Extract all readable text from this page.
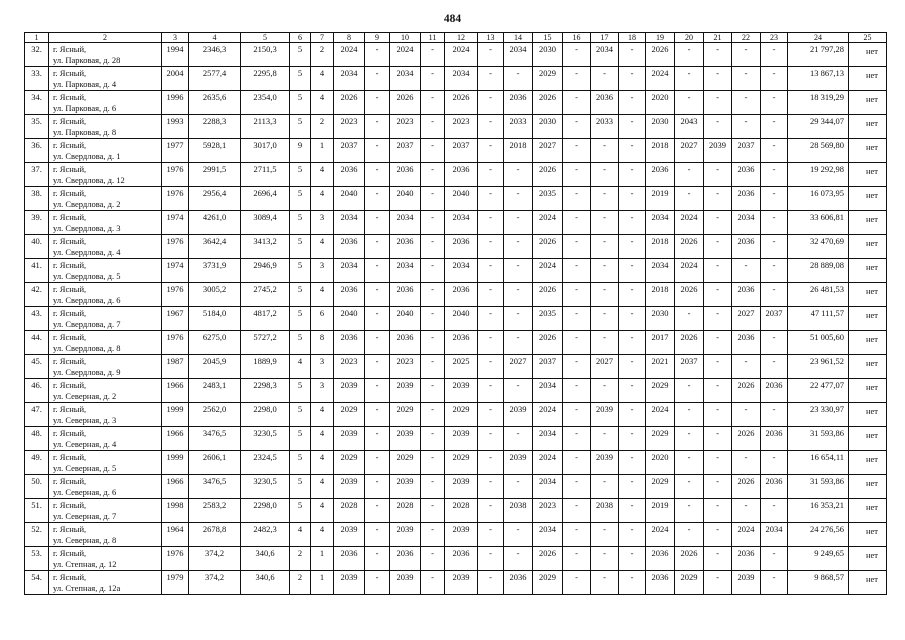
484
1	2	3	4	5	6	7	8	9	10	11	12	13	14	15	16	17	18	19	20	21	22	23	24	25
32.	г. Ясный,
ул. Парковая, д. 28	1994	2346,3	2150,3	5	2	2024	-	2024	-	2024	-	2034	2030	-	2034	-	2026	-	-	-	-	21 797,28	нет
33.	г. Ясный,
ул. Парковая, д. 4	2004	2577,4	2295,8	5	4	2034	-	2034	-	2034	-	-	2029	-	-	-	2024	-	-	-	-	13 867,13	нет
34.	г. Ясный,
ул. Парковая, д. 6	1996	2635,6	2354,0	5	4	2026	-	2026	-	2026	-	2036	2026	-	2036	-	2020	-	-	-	-	18 319,29	нет
35.	г. Ясный,
ул. Парковая, д. 8	1993	2288,3	2113,3	5	2	2023	-	2023	-	2023	-	2033	2030	-	2033	-	2030	2043	-	-	-	29 344,07	нет
36.	г. Ясный,
ул. Свердлова, д. 1	1977	5928,1	3017,0	9	1	2037	-	2037	-	2037	-	2018	2027	-	-	-	2018	2027	2039	2037	-	28 569,80	нет
37.	г. Ясный,
ул. Свердлова, д. 12	1976	2991,5	2711,5	5	4	2036	-	2036	-	2036	-	-	2026	-	-	-	2036	-	-	2036	-	19 292,98	нет
38.	г. Ясный,
ул. Свердлова, д. 2	1976	2956,4	2696,4	5	4	2040	-	2040	-	2040	-	-	2035	-	-	-	2019	-	-	2036	-	16 073,95	нет
39.	г. Ясный,
ул. Свердлова, д. 3	1974	4261,0	3089,4	5	3	2034	-	2034	-	2034	-	-	2024	-	-	-	2034	2024	-	2034	-	33 606,81	нет
40.	г. Ясный,
ул. Свердлова, д. 4	1976	3642,4	3413,2	5	4	2036	-	2036	-	2036	-	-	2026	-	-	-	2018	2026	-	2036	-	32 470,69	нет
41.	г. Ясный,
ул. Свердлова, д. 5	1974	3731,9	2946,9	5	3	2034	-	2034	-	2034	-	-	2024	-	-	-	2034	2024	-	-	-	28 889,08	нет
42.	г. Ясный,
ул. Свердлова, д. 6	1976	3005,2	2745,2	5	4	2036	-	2036	-	2036	-	-	2026	-	-	-	2018	2026	-	2036	-	26 481,53	нет
43.	г. Ясный,
ул. Свердлова, д. 7	1967	5184,0	4817,2	5	6	2040	-	2040	-	2040	-	-	2035	-	-	-	2030	-	-	2027	2037	47 111,57	нет
44.	г. Ясный,
ул. Свердлова, д. 8	1976	6275,0	5727,2	5	8	2036	-	2036	-	2036	-	-	2026	-	-	-	2017	2026	-	2036	-	51 005,60	нет
45.	г. Ясный,
ул. Свердлова, д. 9	1987	2045,9	1889,9	4	3	2023	-	2023	-	2025	-	2027	2037	-	2027	-	2021	2037	-	-	-	23 961,52	нет
46.	г. Ясный,
ул. Северная, д. 2	1966	2483,1	2298,3	5	3	2039	-	2039	-	2039	-	-	2034	-	-	-	2029	-	-	2026	2036	22 477,07	нет
47.	г. Ясный,
ул. Северная, д. 3	1999	2562,0	2298,0	5	4	2029	-	2029	-	2029	-	2039	2024	-	2039	-	2024	-	-	-	-	23 330,97	нет
48.	г. Ясный,
ул. Северная, д. 4	1966	3476,5	3230,5	5	4	2039	-	2039	-	2039	-	-	2034	-	-	-	2029	-	-	2026	2036	31 593,86	нет
49.	г. Ясный,
ул. Северная, д. 5	1999	2606,1	2324,5	5	4	2029	-	2029	-	2029	-	2039	2024	-	2039	-	2020	-	-	-	-	16 654,11	нет
50.	г. Ясный,
ул. Северная, д. 6	1966	3476,5	3230,5	5	4	2039	-	2039	-	2039	-	-	2034	-	-	-	2029	-	-	2026	2036	31 593,86	нет
51.	г. Ясный,
ул. Северная, д. 7	1998	2583,2	2298,0	5	4	2028	-	2028	-	2028	-	2038	2023	-	2038	-	2019	-	-	-	-	16 353,21	нет
52.	г. Ясный,
ул. Северная, д. 8	1964	2678,8	2482,3	4	4	2039	-	2039	-	2039	-	-	2034	-	-	-	2024	-	-	2024	2034	24 276,56	нет
53.	г. Ясный,
ул. Степная, д. 12	1976	374,2	340,6	2	1	2036	-	2036	-	2036	-	-	2026	-	-	-	2036	2026	-	2036	-	9 249,65	нет
54.	г. Ясный,
ул. Степная, д. 12а	1979	374,2	340,6	2	1	2039	-	2039	-	2039	-	2036	2029	-	-	-	2036	2029	-	2039	-	9 868,57	нет
